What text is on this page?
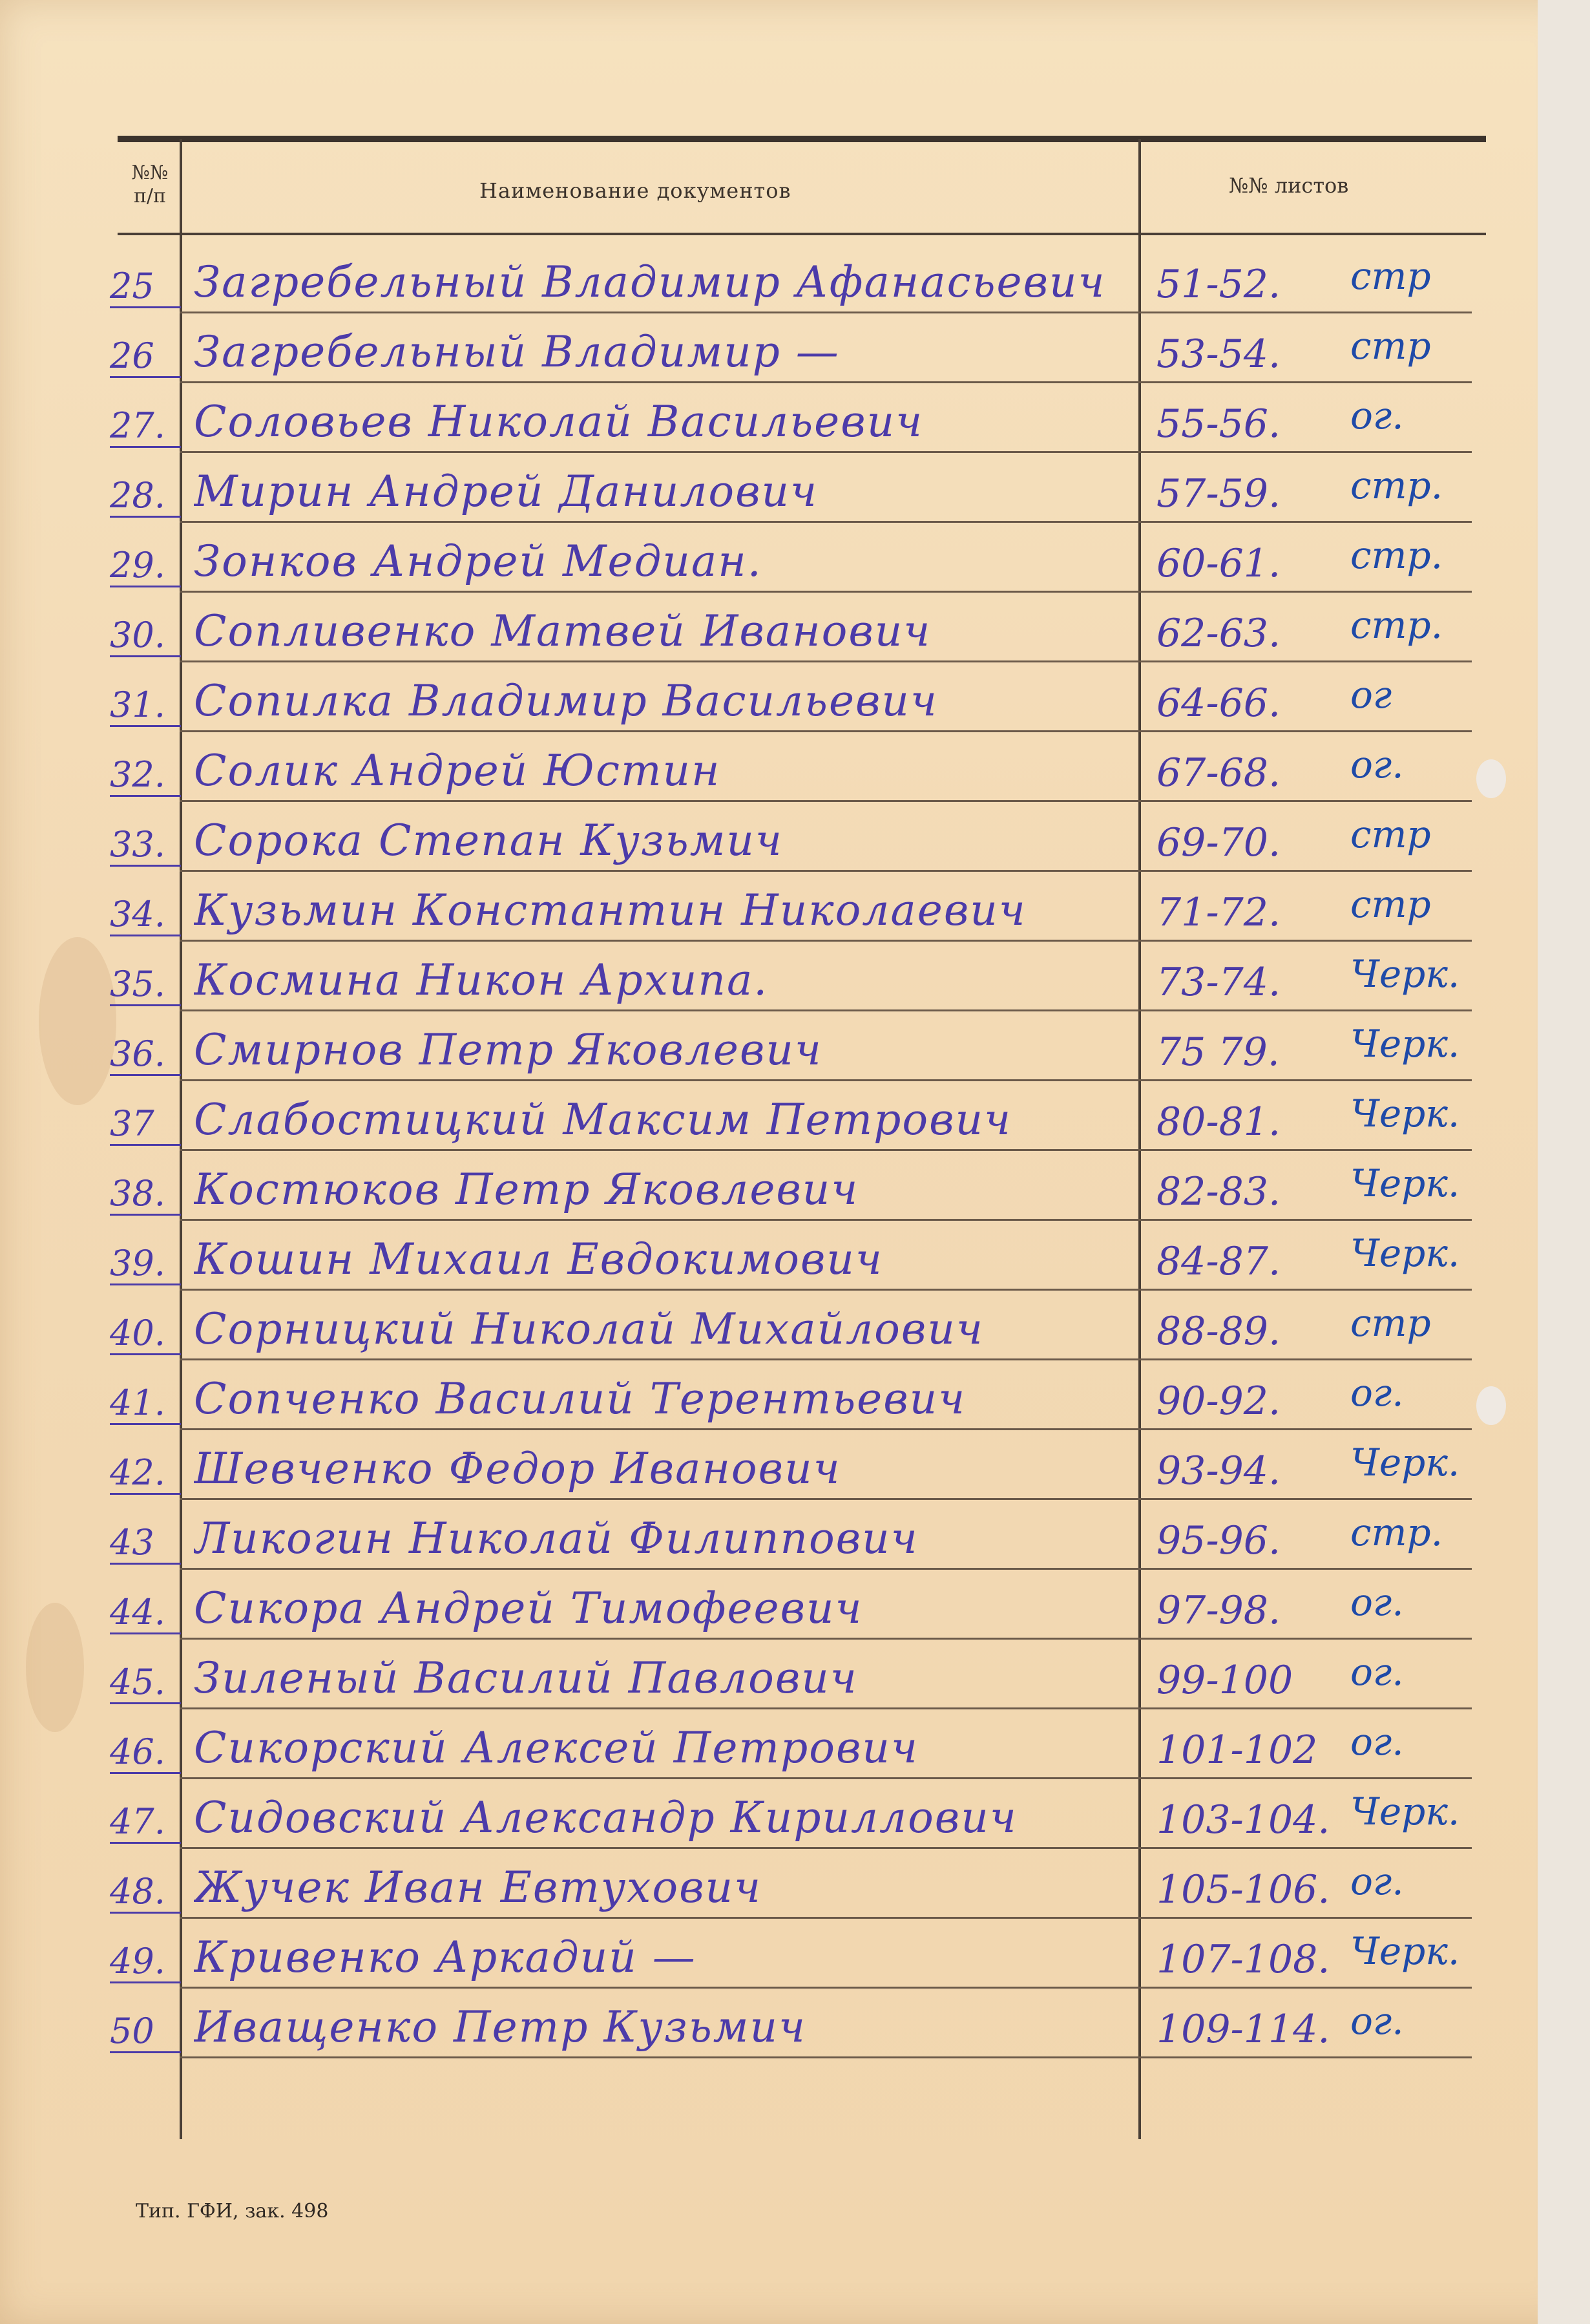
№№
п/п	Наименование документов	№№ листов
25 Загребельный Владимир Афанасьевич	51-52.	стр
26 Загребельный Владимир —	53-54.	стр
27. Соловьев Николай Васильевич	55-56.	ог.
28. Мирин Андрей Данилович	57-59.	стр.
29. Зонков Андрей Медиан.	60-61.	стр.
30. Сопливенко Матвей Иванович	62-63.	стр.
31. Сопилка Владимир Васильевич	64-66.	ог
32. Солик Андрей Юстин	67-68.	ог.
33. Сорока Степан Кузьмич	69-70.	стр
34. Кузьмин Константин Николаевич	71-72.	стр
35. Космина Никон Архипа.	73-74.	Черк.
36. Смирнов Петр Яковлевич	75 79.	Черк.
37 Слабостицкий Максим Петрович	80-81.	Черк.
38. Костюков Петр Яковлевич	82-83.	Черк.
39. Кошин Михаил Евдокимович	84-87.	Черк.
40. Сорницкий Николай Михайлович	88-89.	стр
41. Сопченко Василий Терентьевич	90-92.	ог.
42. Шевченко Федор Иванович	93-94.	Черк.
43 Ликогин Николай Филиппович	95-96.	стр.
44. Сикора Андрей Тимофеевич	97-98.	ог.
45. Зиленый Василий Павлович	99-100	ог.
46. Сикорский Алексей Петрович	101-102 ог.
47. Сидовский Александр Кириллович	103-104. Черк.
48. Жучек Иван Евтухович	105-106. ог.
49. Кривенко Аркадий —	107-108. Черк.
50 Иващенко Петр Кузьмич	109-114. ог.
Тип. ГФИ, зак. 498
